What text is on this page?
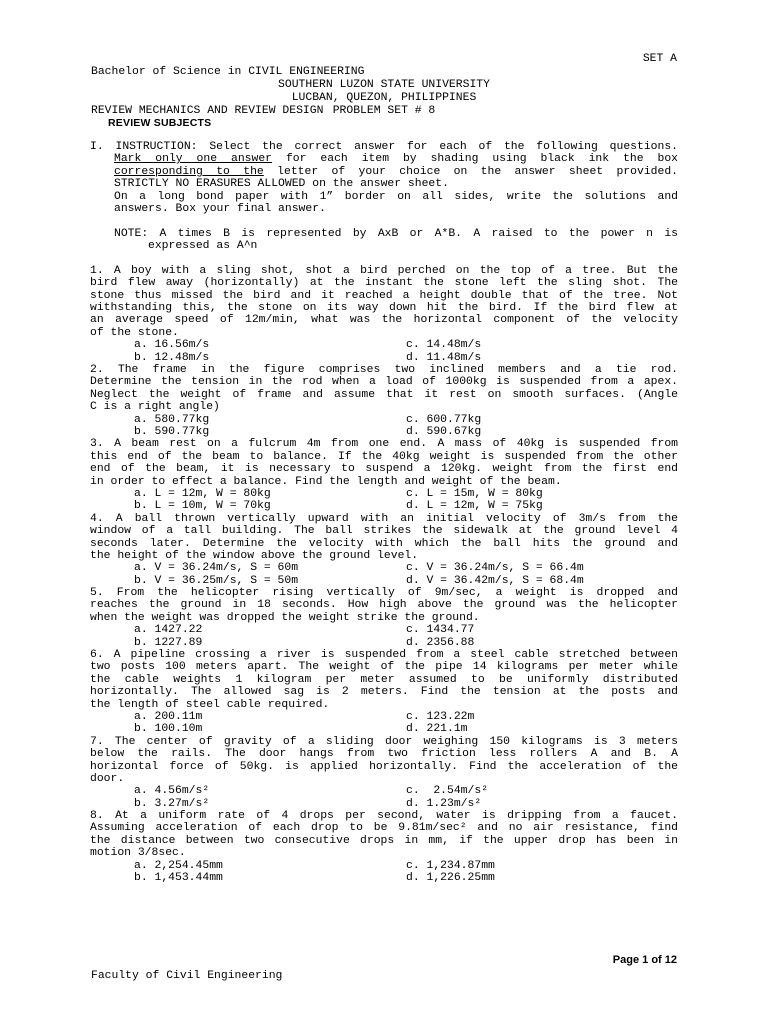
Bachelor of Science in CIVIL ENGINEERING

REVIEW MECHANICS AND REVIEW DESIGN

SET A
SOUTHERN LUZON STATE UNIVERSITY
LUCBAN, QUEZON, PHILIPPINES
PROBLEM SET # 8
REVIEW SUBJECTS
I. INSTRUCTION: Select the correct answer for each of the following questions.
Mark only one answer for each item by shading using black ink the box
corresponding to the letter of your choice on the answer sheet provided.
STRICTLY NO ERASURES ALLOWED on the answer sheet.
On a long bond paper with 1” border on all sides, write the solutions and
answers. Box your final answer.
NOTE: A times B is represented by AxB or A*B. A raised to the power n is
expressed as A^n
1. A boy with a sling shot, shot a bird perched on the top of a tree. But the
bird flew away (horizontally) at the instant the stone left the sling shot. The
stone thus missed the bird and it reached a height double that of the tree. Not
withstanding this, the stone on its way down hit the bird. If the bird flew at
an average speed of 12m/min, what was the horizontal component of the velocity
of the stone.
a. 16.56m/s	c. 14.48m/s
b. 12.48m/s	d. 11.48m/s
2. The frame in the figure comprises two inclined members and a tie rod.
Determine the tension in the rod when a load of 1000kg is suspended from a apex.
Neglect the weight of frame and assume that it rest on smooth surfaces. (Angle
C is a right angle)
a. 580.77kg	c. 600.77kg
b. 590.77kg	d. 590.67kg
3. A beam rest on a fulcrum 4m from one end. A mass of 40kg is suspended from
this end of the beam to balance. If the 40kg weight is suspended from the other
end of the beam, it is necessary to suspend a 120kg. weight from the first end
in order to effect a balance. Find the length and weight of the beam.
a. L = 12m, W = 80kg	c. L = 15m, W = 80kg
b. L = 10m, W = 70kg	d. L = 12m, W = 75kg
4. A ball thrown vertically upward with an initial velocity of 3m/s from the
window of a tall building. The ball strikes the sidewalk at the ground level 4
seconds later. Determine the velocity with which the ball hits the ground and
the height of the window above the ground level.
a. V = 36.24m/s, S = 60m	c. V = 36.24m/s, S = 66.4m
b. V = 36.25m/s, S = 50m	d. V = 36.42m/s, S = 68.4m
5. From the helicopter rising vertically of 9m/sec, a weight is dropped and
reaches the ground in 18 seconds. How high above the ground was the helicopter
when the weight was dropped the weight strike the ground.
a. 1427.22	c. 1434.77
b. 1227.89	d. 2356.88
6. A pipeline crossing a river is suspended from a steel cable stretched between
two posts 100 meters apart. The weight of the pipe 14 kilograms per meter while
the cable weights 1 kilogram per meter assumed to be uniformly distributed
horizontally. The allowed sag is 2 meters. Find the tension at the posts and
the length of steel cable required.
a. 200.11m	c. 123.22m
b. 100.10m	d. 221.1m
7. The center of gravity of a sliding door weighing 150 kilograms is 3 meters
below the rails. The door hangs from two friction less rollers A and B. A
horizontal force of 50kg. is applied horizontally. Find the acceleration of the
door.
a. 4.56m/s²	c.  2.54m/s²
b. 3.27m/s²	d. 1.23m/s²
8. At a uniform rate of 4 drops per second, water is dripping from a faucet.
Assuming acceleration of each drop to be 9.81m/sec² and no air resistance, find
the distance between two consecutive drops in mm, if the upper drop has been in
motion 3/8sec.
a. 2,254.45mm	c. 1,234.87mm
b. 1,453.44mm	d. 1,226.25mm
Page 1 of 12
Faculty of Civil Engineering
